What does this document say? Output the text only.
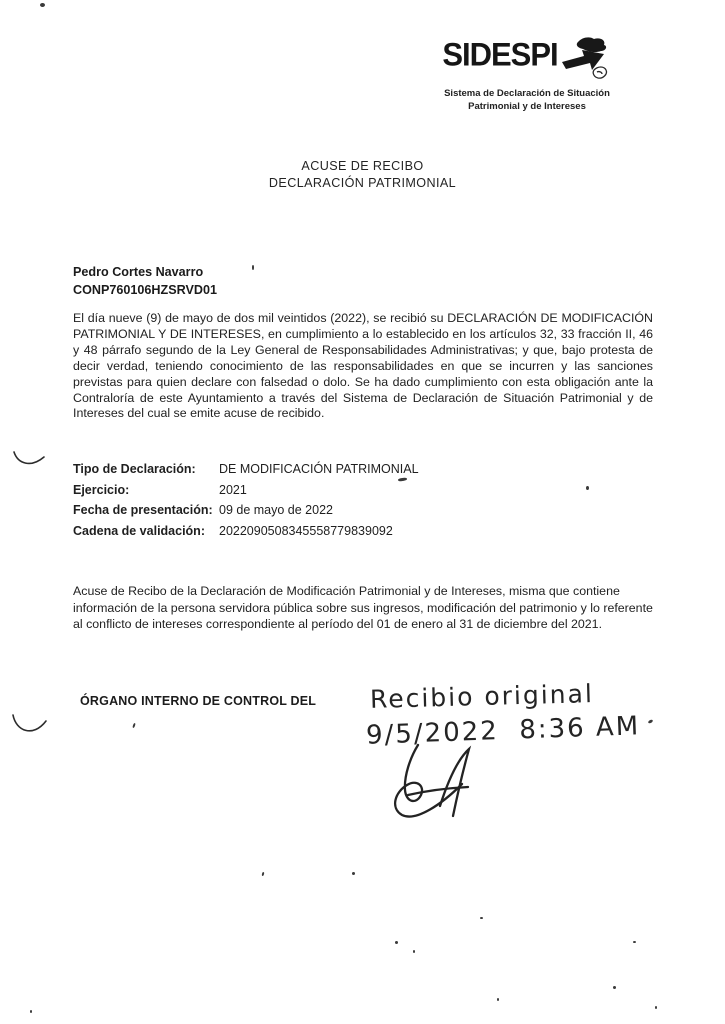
SIDESPI
Sistema de Declaración de Situación
Patrimonial y de Intereses
ACUSE DE RECIBO
DECLARACIÓN PATRIMONIAL
Pedro Cortes Navarro
CONP760106HZSRVD01
El día nueve (9) de mayo de dos mil veintidos (2022), se recibió su DECLARACIÓN DE MODIFICACIÓN PATRIMONIAL Y DE INTERESES, en cumplimiento a lo establecido en los artículos 32, 33 fracción II, 46 y 48 párrafo segundo de la Ley General de Responsabilidades Administrativas; y que, bajo protesta de decir verdad, teniendo conocimiento de las responsabilidades en que se incurren y las sanciones previstas para quien declare con falsedad o dolo. Se ha dado cumplimiento con esta obligación ante la Contraloría de este Ayuntamiento a través del Sistema de Declaración de Situación Patrimonial y de Intereses del cual se emite acuse de recibido.
Tipo de Declaración:	DE MODIFICACIÓN PATRIMONIAL
Ejercicio:	2021
Fecha de presentación: 09 de mayo de 2022
Cadena de validación:	2022090508345558779839092
Acuse de Recibo de la Declaración de Modificación Patrimonial y de Intereses, misma que contiene información de la persona servidora pública sobre sus ingresos, modificación del patrimonio y lo referente al conflicto de intereses correspondiente al período del 01 de enero al 31 de diciembre del 2021.
ÓRGANO INTERNO DE CONTROL DEL Recibio original
9/5/2022  8:36 AM
